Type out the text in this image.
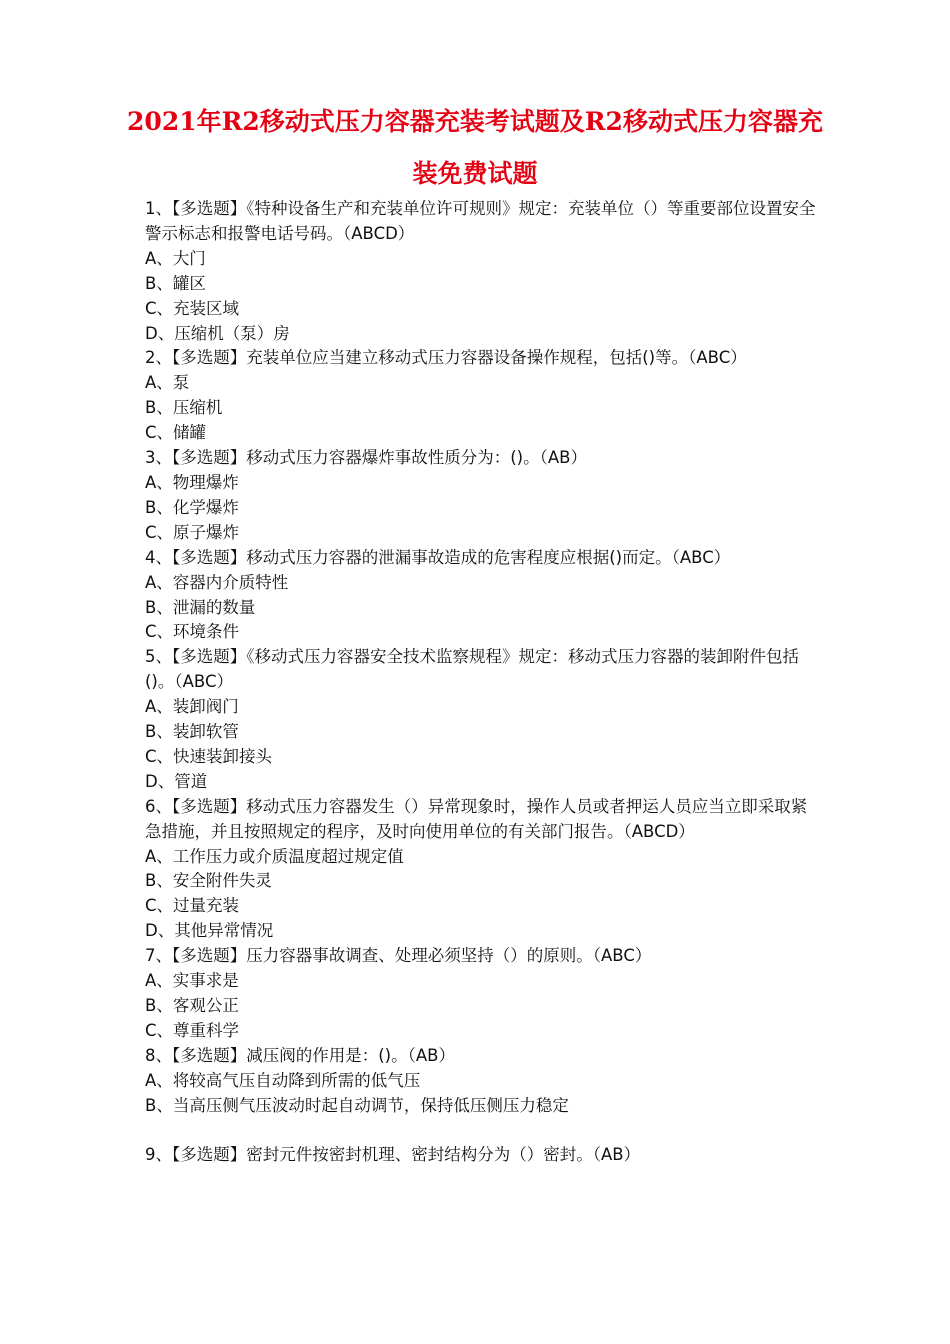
2021年R2移动式压力容器充装考试题及R2移动式压力容器充装免费试题

1、【多选题】《特种设备生产和充装单位许可规则》规定：充装单位（）等重要部位设置安全警示标志和报警电话号码。（ABCD）

A、大门

B、罐区

C、充装区域

D、压缩机（泵）房

2、【多选题】充装单位应当建立移动式压力容器设备操作规程，包括()等。（ABC）

A、泵

B、压缩机

C、储罐

3、【多选题】移动式压力容器爆炸事故性质分为：()。（AB）

A、物理爆炸

B、化学爆炸

C、原子爆炸

4、【多选题】移动式压力容器的泄漏事故造成的危害程度应根据()而定。（ABC）

A、容器内介质特性

B、泄漏的数量

C、环境条件

5、【多选题】《移动式压力容器安全技术监察规程》规定：移动式压力容器的装卸附件包括()。（ABC）

A、装卸阀门

B、装卸软管

C、快速装卸接头

D、管道

6、【多选题】移动式压力容器发生（）异常现象时，操作人员或者押运人员应当立即采取紧急措施，并且按照规定的程序，及时向使用单位的有关部门报告。（ABCD）

A、工作压力或介质温度超过规定值

B、安全附件失灵

C、过量充装

D、其他异常情况

7、【多选题】压力容器事故调查、处理必须坚持（）的原则。（ABC）

A、实事求是

B、客观公正

C、尊重科学

8、【多选题】减压阀的作用是：()。（AB）

A、将较高气压自动降到所需的低气压

B、当高压侧气压波动时起自动调节，保持低压侧压力稳定

9、【多选题】密封元件按密封机理、密封结构分为（）密封。（AB）
